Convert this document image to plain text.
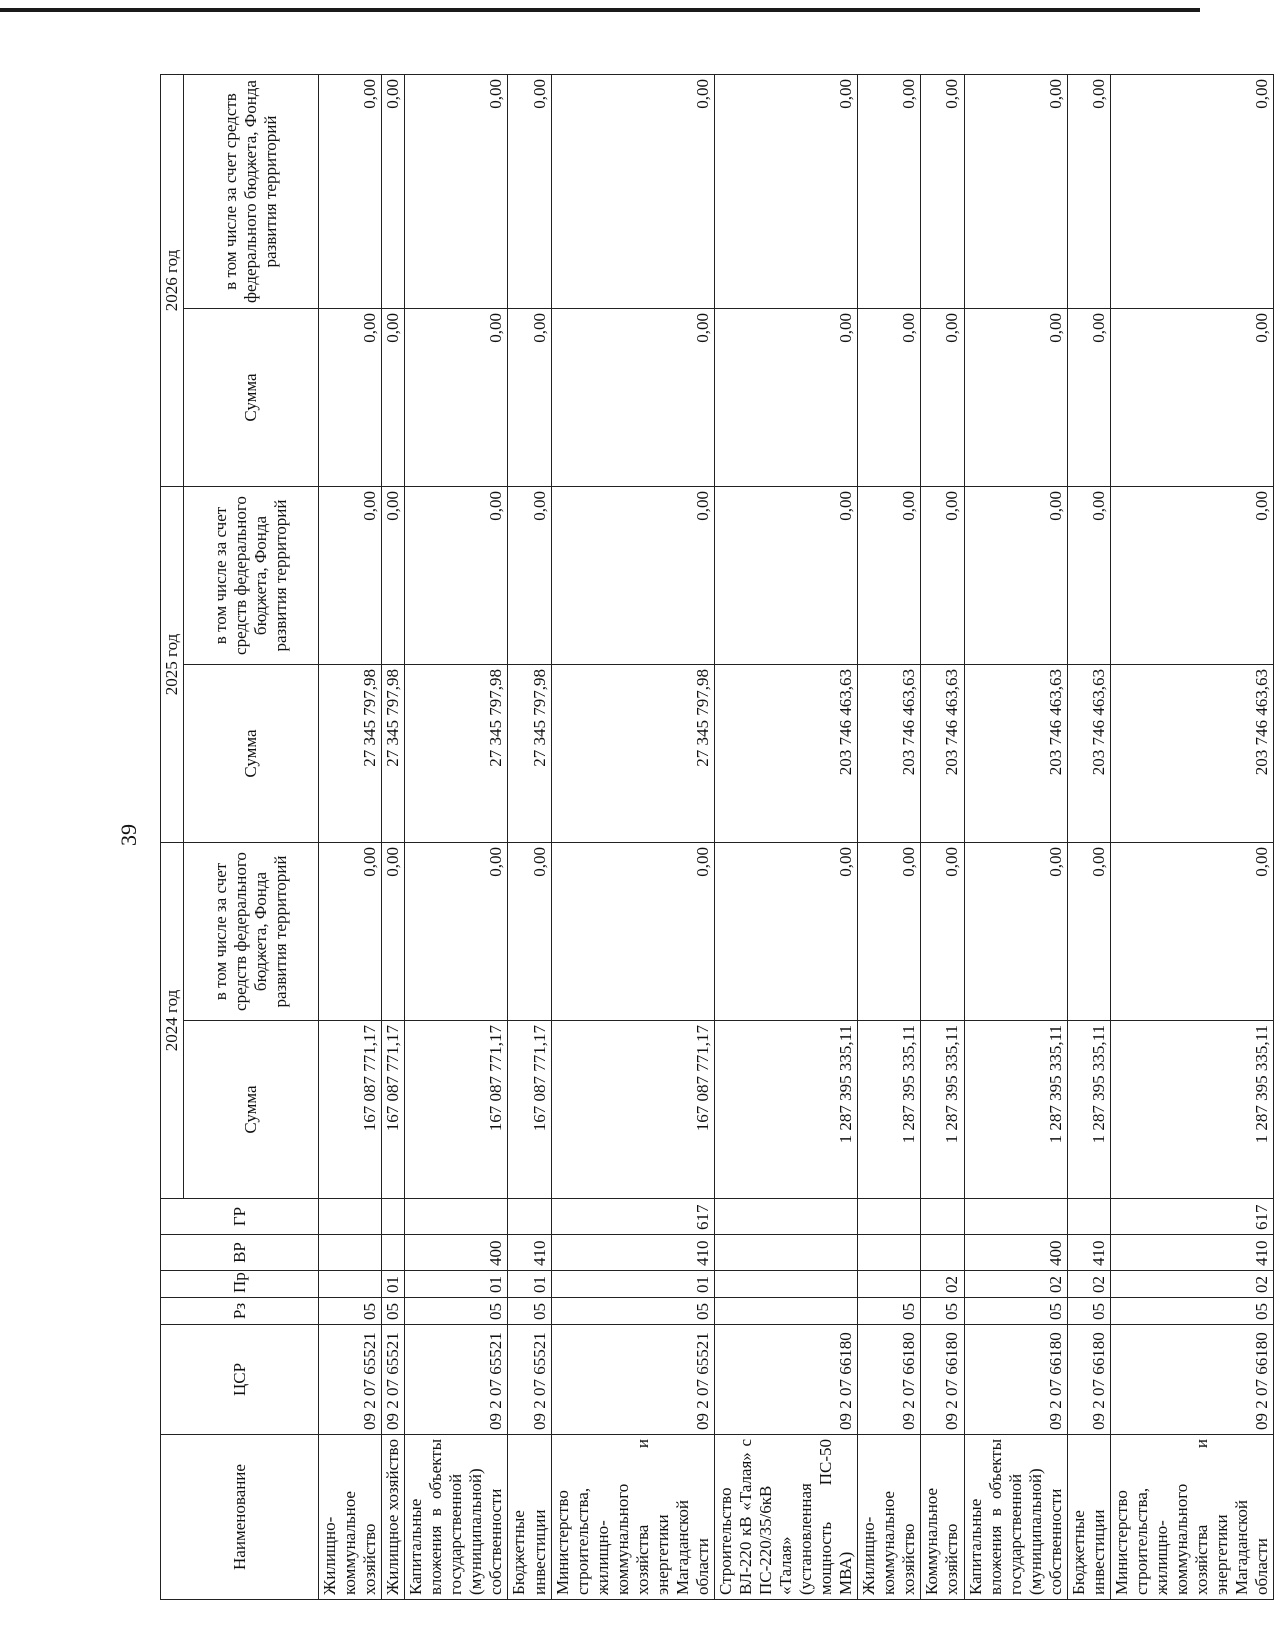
39
Наименование	ЦСР	Рз	Пр	ВР	ГР	2024 год		2025 год		2026 год	
						Сумма	в том числе за счет средств федерального бюджета, Фонда развития территорий	Сумма	в том числе за счет средств федерального бюджета, Фонда развития территорий	Сумма	в том числе за счет средств федерального бюджета, Фонда развития территорий
Жилищно-коммунальное хозяйство	09 2 07 65521	05				167 087 771,17	0,00	27 345 797,98	0,00	0,00	0,00
Жилищное хозяйство	09 2 07 65521	05	01			167 087 771,17	0,00	27 345 797,98	0,00	0,00	0,00
Капитальные вложения в объекты государственной (муниципальной) собственности	09 2 07 65521	05	01	400		167 087 771,17	0,00	27 345 797,98	0,00	0,00	0,00
Бюджетные инвестиции	09 2 07 65521	05	01	410		167 087 771,17	0,00	27 345 797,98	0,00	0,00	0,00
Министерство строительства, жилищно-коммунального хозяйства и энергетики Магаданской области	09 2 07 65521	05	01	410	617	167 087 771,17	0,00	27 345 797,98	0,00	0,00	0,00
Строительство ВЛ-220 кВ «Талая» с ПС-220/35/6кВ «Талая» (установленная мощность ПС-50 МВА)	09 2 07 66180					1 287 395 335,11	0,00	203 746 463,63	0,00	0,00	0,00
Жилищно-коммунальное хозяйство	09 2 07 66180	05				1 287 395 335,11	0,00	203 746 463,63	0,00	0,00	0,00
Коммунальное хозяйство	09 2 07 66180	05	02			1 287 395 335,11	0,00	203 746 463,63	0,00	0,00	0,00
Капитальные вложения в объекты государственной (муниципальной) собственности	09 2 07 66180	05	02	400		1 287 395 335,11	0,00	203 746 463,63	0,00	0,00	0,00
Бюджетные инвестиции	09 2 07 66180	05	02	410		1 287 395 335,11	0,00	203 746 463,63	0,00	0,00	0,00
Министерство строительства, жилищно-коммунального хозяйства и энергетики Магаданской области	09 2 07 66180	05	02	410	617	1 287 395 335,11	0,00	203 746 463,63	0,00	0,00	0,00
